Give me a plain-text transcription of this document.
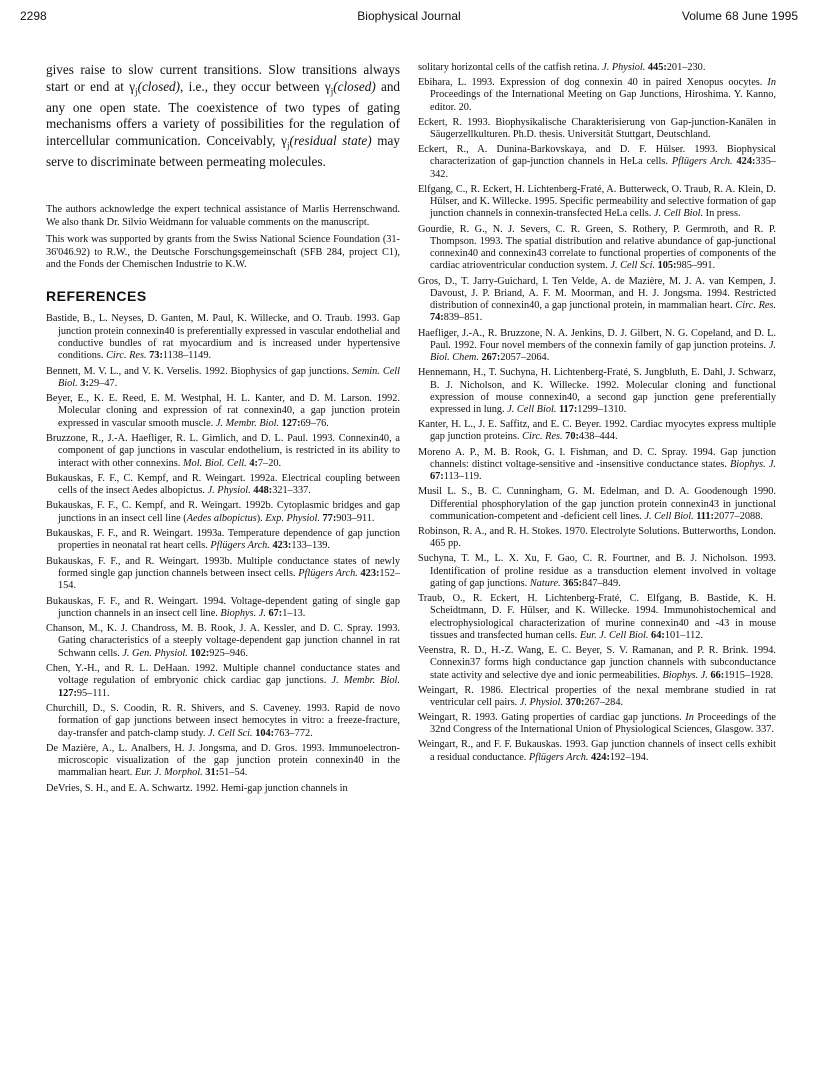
2298	Biophysical Journal	Volume 68 June 1995

gives raise to slow current transitions. Slow transitions always start or end at $\gamma_j(closed)$, i.e., they occur between $\gamma_j(closed)$ and any one open state. The coexistence of two types of gating mechanisms offers a variety of possibilities for the regulation of intercellular communication. Conceivably, $\gamma_j(residual$ state) may serve to discriminate between permeating molecules.

The authors acknowledge the expert technical assistance of Marlis Herrenschwand. We also thank Dr. Silvio Weidmann for valuable comments on the manuscript.

This work was supported by grants from the Swiss National Science Foundation (31-36'046.92) to R.W., the Deutsche Forschungsgemeinschaft (SFB 284, project C1), and the Fonds der Chemischen Industrie to K.W.

REFERENCES
Bastide, B., L. Neyses, D. Ganten, M. Paul, K. Willecke, and O. Traub. 1993. Gap junction protein connexin40 is preferentially expressed in vascular endothelial and conductive bundles of rat myocardium and is increased under hypertensive conditions. Circ. Res. 73:1138–1149.
Bennett, M. V. L., and V. K. Verselis. 1992. Biophysics of gap junctions. Semin. Cell Biol. 3:29–47.
Beyer, E., K. E. Reed, E. M. Westphal, H. L. Kanter, and D. M. Larson. 1992. Molecular cloning and expression of rat connexin40, a gap junction protein expressed in vascular smooth muscle. J. Membr. Biol. 127:69–76.
Bruzzone, R., J.-A. Haefliger, R. L. Gimlich, and D. L. Paul. 1993. Connexin40, a component of gap junctions in vascular endothelium, is restricted in its ability to interact with other connexins. Mol. Biol. Cell. 4:7–20.
Bukauskas, F. F., C. Kempf, and R. Weingart. 1992a. Electrical coupling between cells of the insect Aedes albopictus. J. Physiol. 448:321–337.
Bukauskas, F. F., C. Kempf, and R. Weingart. 1992b. Cytoplasmic bridges and gap junctions in an insect cell line (Aedes albopictus). Exp. Physiol. 77:903–911.
Bukauskas, F. F., and R. Weingart. 1993a. Temperature dependence of gap junction properties in neonatal rat heart cells. Pflügers Arch. 423:133–139.
Bukauskas, F. F., and R. Weingart. 1993b. Multiple conductance states of newly formed single gap junction channels between insect cells. Pflügers Arch. 423:152–154.
Bukauskas, F. F., and R. Weingart. 1994. Voltage-dependent gating of single gap junction channels in an insect cell line. Biophys. J. 67:1–13.
Chanson, M., K. J. Chandross, M. B. Rook, J. A. Kessler, and D. C. Spray. 1993. Gating characteristics of a steeply voltage-dependent gap junction channel in rat Schwann cells. J. Gen. Physiol. 102:925–946.
Chen, Y.-H., and R. L. DeHaan. 1992. Multiple channel conductance states and voltage regulation of embryonic chick cardiac gap junctions. J. Membr. Biol. 127:95–111.
Churchill, D., S. Coodin, R. R. Shivers, and S. Caveney. 1993. Rapid de novo formation of gap junctions between insect hemocytes in vitro: a freeze-fracture, day-transfer and patch-clamp study. J. Cell Sci. 104:763–772.
De Mazière, A., L. Analbers, H. J. Jongsma, and D. Gros. 1993. Immunoelectron-microscopic visualization of the gap junction protein connexin40 in the mammalian heart. Eur. J. Morphol. 31:51–54.
DeVries, S. H., and E. A. Schwartz. 1992. Hemi-gap junction channels in
solitary horizontal cells of the catfish retina. J. Physiol. 445:201–230.
Ebihara, L. 1993. Expression of dog connexin 40 in paired Xenopus oocytes. In Proceedings of the International Meeting on Gap Junctions, Hiroshima. Y. Kanno, editor. 20.
Eckert, R. 1993. Biophysikalische Charakterisierung von Gap-junction-Kanälen in Säugerzellkulturen. Ph.D. thesis. Universität Stuttgart, Deutschland.
Eckert, R., A. Dunina-Barkovskaya, and D. F. Hülser. 1993. Biophysical characterization of gap-junction channels in HeLa cells. Pflügers Arch. 424:335–342.
Elfgang, C., R. Eckert, H. Lichtenberg-Fraté, A. Butterweck, O. Traub, R. A. Klein, D. Hülser, and K. Willecke. 1995. Specific permeability and selective formation of gap junction channels in connexin-transfected HeLa cells. J. Cell Biol. In press.
Gourdie, R. G., N. J. Severs, C. R. Green, S. Rothery, P. Germroth, and R. P. Thompson. 1993. The spatial distribution and relative abundance of gap-junctional connexin40 and connexin43 correlate to functional properties of components of the cardiac atrioventricular conduction system. J. Cell Sci. 105:985–991.
Gros, D., T. Jarry-Guichard, I. Ten Velde, A. de Mazière, M. J. A. van Kempen, J. Davoust, J. P. Briand, A. F. M. Moorman, and H. J. Jongsma. 1994. Restricted distribution of connexin40, a gap junctional protein, in mammalian heart. Circ. Res. 74:839–851.
Haefliger, J.-A., R. Bruzzone, N. A. Jenkins, D. J. Gilbert, N. G. Copeland, and D. L. Paul. 1992. Four novel members of the connexin family of gap junction proteins. J. Biol. Chem. 267:2057–2064.
Hennemann, H., T. Suchyna, H. Lichtenberg-Fraté, S. Jungbluth, E. Dahl, J. Schwarz, B. J. Nicholson, and K. Willecke. 1992. Molecular cloning and functional expression of mouse connexin40, a second gap junction gene preferentially expressed in lung. J. Cell Biol. 117:1299–1310.
Kanter, H. L., J. E. Saffitz, and E. C. Beyer. 1992. Cardiac myocytes express multiple gap junction proteins. Circ. Res. 70:438–444.
Moreno A. P., M. B. Rook, G. I. Fishman, and D. C. Spray. 1994. Gap junction channels: distinct voltage-sensitive and -insensitive conductance states. Biophys. J. 67:113–119.
Musil L. S., B. C. Cunningham, G. M. Edelman, and D. A. Goodenough 1990. Differential phosphorylation of the gap junction protein connexin43 in junctional communication-competent and -deficient cell lines. J. Cell Biol. 111:2077–2088.
Robinson, R. A., and R. H. Stokes. 1970. Electrolyte Solutions. Butterworths, London. 465 pp.
Suchyna, T. M., L. X. Xu, F. Gao, C. R. Fourtner, and B. J. Nicholson. 1993. Identification of proline residue as a transduction element involved in voltage gating of gap junctions. Nature. 365:847–849.
Traub, O., R. Eckert, H. Lichtenberg-Fraté, C. Elfgang, B. Bastide, K. H. Scheidtmann, D. F. Hülser, and K. Willecke. 1994. Immunohistochemical and electrophysiological characterization of murine connexin40 and -43 in mouse tissues and transfected human cells. Eur. J. Cell Biol. 64:101–112.
Veenstra, R. D., H.-Z. Wang, E. C. Beyer, S. V. Ramanan, and P. R. Brink. 1994. Connexin37 forms high conductance gap junction channels with subconductance state activity and selective dye and ionic permeabilities. Biophys. J. 66:1915–1928.
Weingart, R. 1986. Electrical properties of the nexal membrane studied in rat ventricular cell pairs. J. Physiol. 370:267–284.
Weingart, R. 1993. Gating properties of cardiac gap junctions. In Proceedings of the 32nd Congress of the International Union of Physiological Sciences, Glasgow. 337.
Weingart, R., and F. F. Bukauskas. 1993. Gap junction channels of insect cells exhibit a residual conductance. Pflügers Arch. 424:192–194.
